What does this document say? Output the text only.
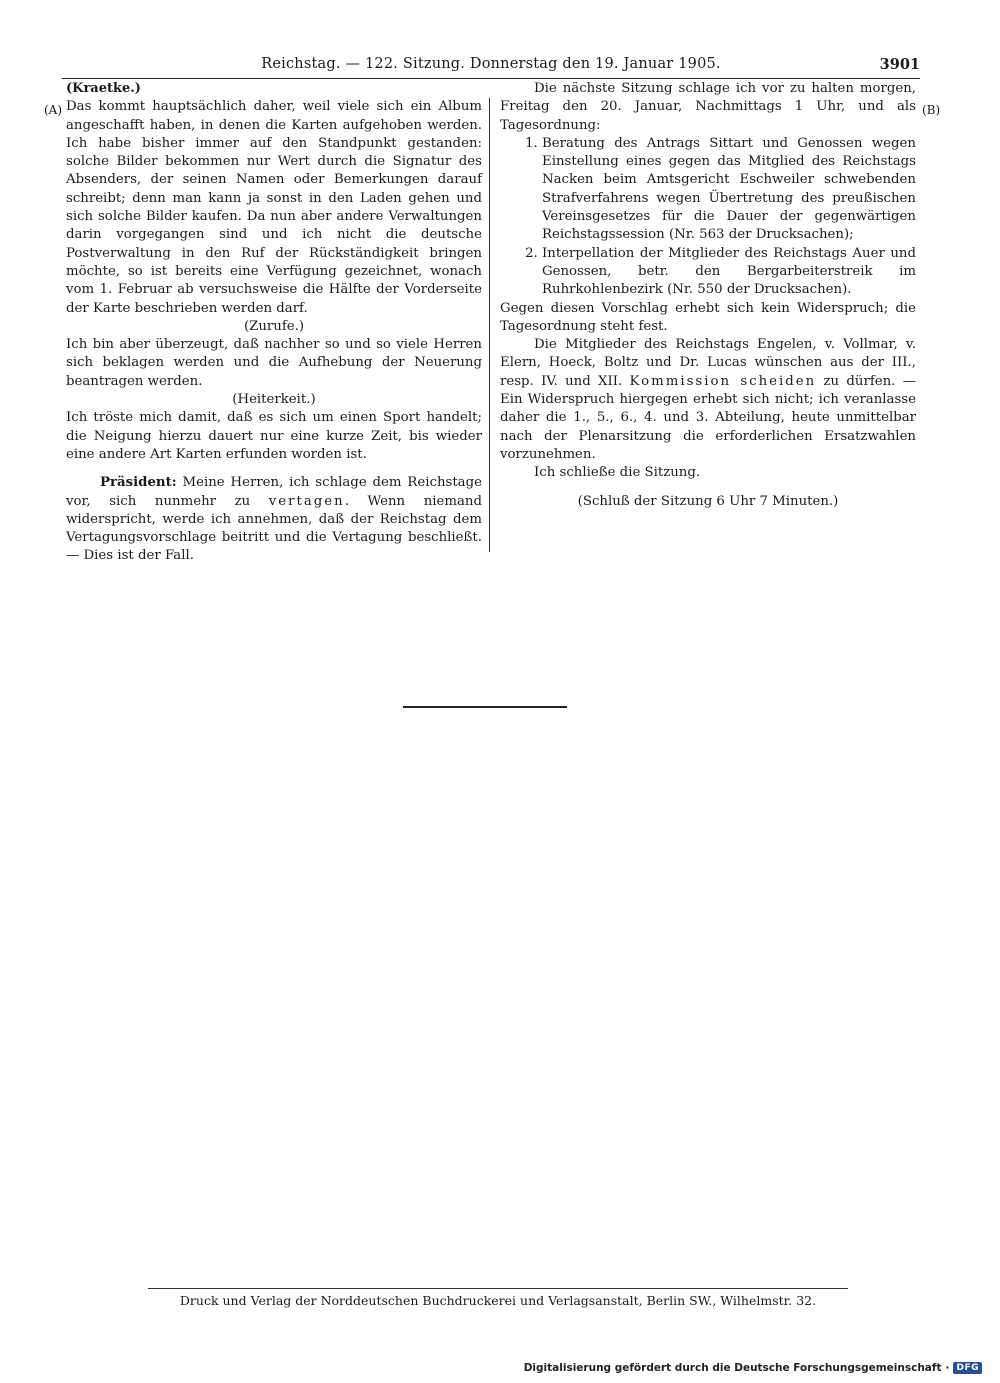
Reichstag. — 122. Sitzung. Donnerstag den 19. Januar 1905.	3901
(A)	(B)

(Kraetke.)

Das kommt hauptsächlich daher, weil viele sich ein Album angeschafft haben, in denen die Karten aufgehoben werden. Ich habe bisher immer auf den Standpunkt gestanden: solche Bilder bekommen nur Wert durch die Signatur des Absenders, der seinen Namen oder Bemerkungen darauf schreibt; denn man kann ja sonst in den Laden gehen und sich solche Bilder kaufen. Da nun aber andere Verwaltungen darin vorgegangen sind und ich nicht die deutsche Postverwaltung in den Ruf der Rückständigkeit bringen möchte, so ist bereits eine Verfügung gezeichnet, wonach vom 1. Februar ab versuchsweise die Hälfte der Vorderseite der Karte beschrieben werden darf.

(Zurufe.)

Ich bin aber überzeugt, daß nachher so und so viele Herren sich beklagen werden und die Aufhebung der Neuerung beantragen werden.

(Heiterkeit.)

Ich tröste mich damit, daß es sich um einen Sport handelt; die Neigung hierzu dauert nur eine kurze Zeit, bis wieder eine andere Art Karten erfunden worden ist.

Präsident: Meine Herren, ich schlage dem Reichstage vor, sich nunmehr zu vertagen. Wenn niemand widerspricht, werde ich annehmen, daß der Reichstag dem Vertagungsvorschlage beitritt und die Vertagung beschließt. — Dies ist der Fall.

Die nächste Sitzung schlage ich vor zu halten morgen, Freitag den 20. Januar, Nachmittags 1 Uhr, und als Tagesordnung:

1. Beratung des Antrags Sittart und Genossen wegen Einstellung eines gegen das Mitglied des Reichstags Nacken beim Amtsgericht Eschweiler schwebenden Strafverfahrens wegen Übertretung des preußischen Vereinsgesetzes für die Dauer der gegenwärtigen Reichstagssession (Nr. 563 der Drucksachen);
2. Interpellation der Mitglieder des Reichstags Auer und Genossen, betr. den Bergarbeiterstreik im Ruhrkohlenbezirk (Nr. 550 der Drucksachen).

Gegen diesen Vorschlag erhebt sich kein Widerspruch; die Tagesordnung steht fest.

Die Mitglieder des Reichstags Engelen, v. Vollmar, v. Elern, Hoeck, Boltz und Dr. Lucas wünschen aus der III., resp. IV. und XII. Kommission scheiden zu dürfen. — Ein Widerspruch hiergegen erhebt sich nicht; ich veranlasse daher die 1., 5., 6., 4. und 3. Abteilung, heute unmittelbar nach der Plenarsitzung die erforderlichen Ersatzwahlen vorzunehmen.

Ich schließe die Sitzung.

(Schluß der Sitzung 6 Uhr 7 Minuten.)

Druck und Verlag der Norddeutschen Buchdruckerei und Verlagsanstalt, Berlin SW., Wilhelmstr. 32.
Digitalisierung gefördert durch die Deutsche Forschungsgemeinschaft · DFG
